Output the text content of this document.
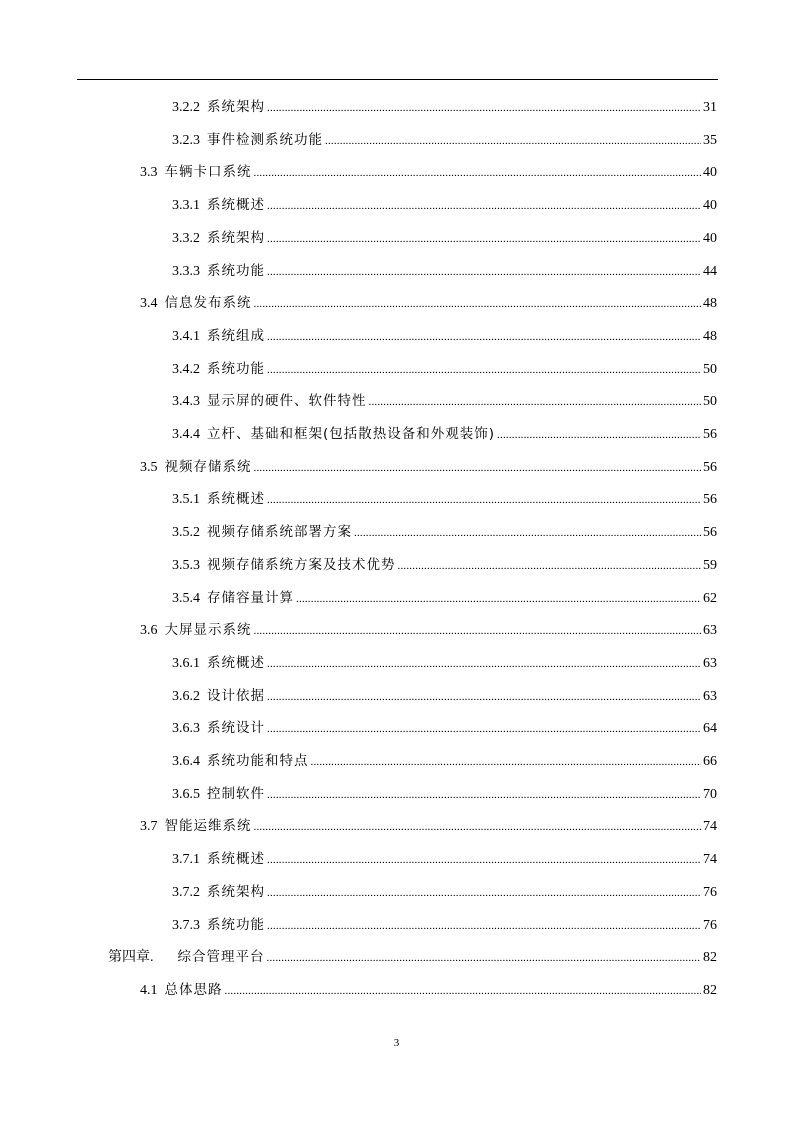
3.2.2 系统架构 .....	31
3.2.3 事件检测系统功能 .....	35
3.3 车辆卡口系统 .....	40
3.3.1 系统概述 .....	40
3.3.2 系统架构 .....	40
3.3.3 系统功能 .....	44
3.4 信息发布系统 .....	48
3.4.1 系统组成 .....	48
3.4.2 系统功能 .....	50
3.4.3 显示屏的硬件、软件特性 .....	50
3.4.4 立杆、基础和框架(包括散热设备和外观装饰) .....	56
3.5 视频存储系统 .....	56
3.5.1 系统概述 .....	56
3.5.2 视频存储系统部署方案 .....	56
3.5.3 视频存储系统方案及技术优势 .....	59
3.5.4 存储容量计算 .....	62
3.6 大屏显示系统 .....	63
3.6.1 系统概述 .....	63
3.6.2 设计依据 .....	63
3.6.3 系统设计 .....	64
3.6.4 系统功能和特点 .....	66
3.6.5 控制软件 .....	70
3.7 智能运维系统 .....	74
3.7.1 系统概述 .....	74
3.7.2 系统架构 .....	76
3.7.3 系统功能 .....	76
第四章. 综合管理平台 .....	82
4.1 总体思路 .....	82
3
